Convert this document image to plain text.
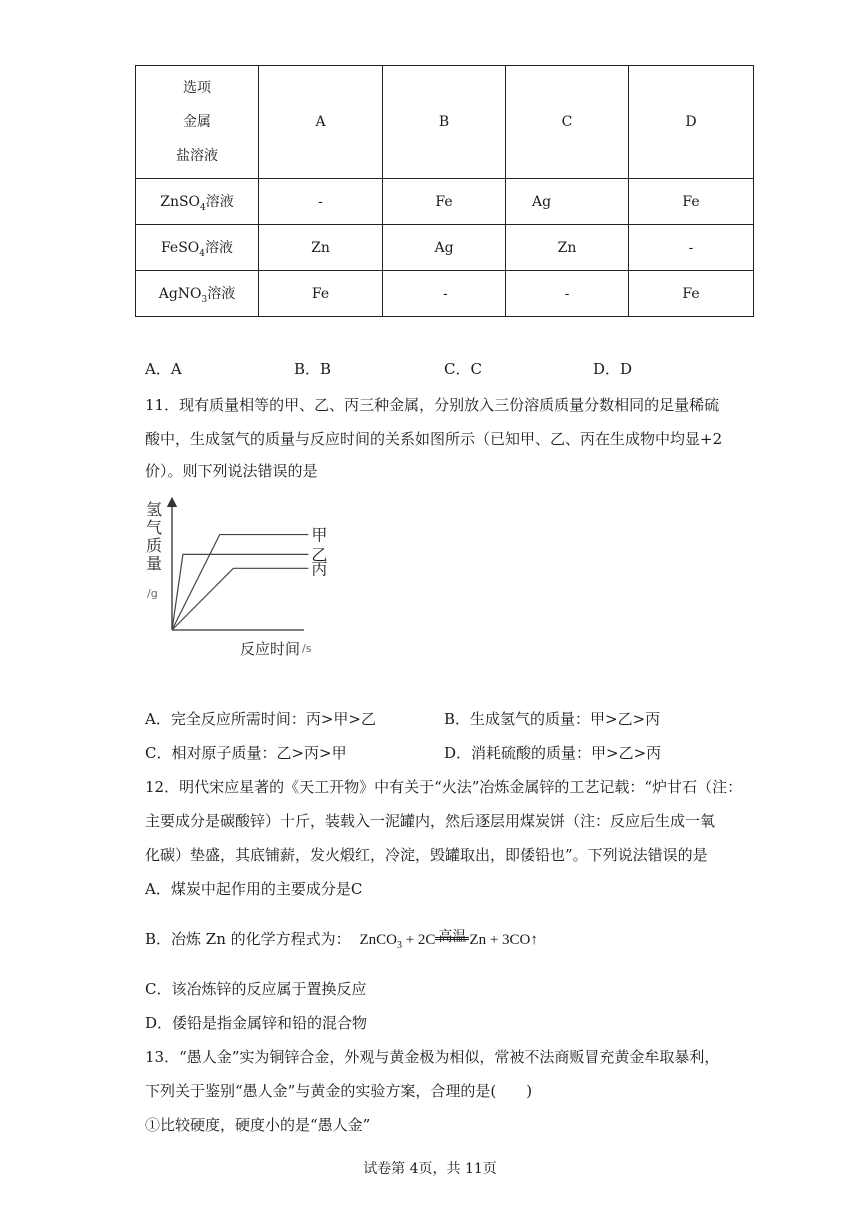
选项
金属
盐溶液	A	B	C	D
ZnSO$_4$溶液	-	Fe	Ag	Fe
FeSO$_4$溶液	Zn	Ag	Zn	-
AgNO$_3$溶液	Fe	-	-	Fe
A．A	B．B	C．C	D．D
11．现有质量相等的甲、乙、丙三种金属，分别放入三份溶质质量分数相同的足量稀硫
酸中，生成氢气的质量与反应时间的关系如图所示（已知甲、乙、丙在生成物中均显+2
价）。则下列说法错误的是
氢
气
质
量
/g
甲
乙
丙
反应时间 /s
A．完全反应所需时间：丙>甲>乙	B．生成氢气的质量：甲>乙>丙
C．相对原子质量：乙>丙>甲	D．消耗硫酸的质量：甲>乙>丙
12．明代宋应星著的《天工开物》中有关于“火法”冶炼金属锌的工艺记载：“炉甘石（注：
主要成分是碳酸锌）十斤，装载入一泥罐内，然后逐层用煤炭饼（注：反应后生成一氧
化碳）垫盛，其底铺薪，发火煅红，冷淀，毁罐取出，即倭铅也”。下列说法错误的是
A．煤炭中起作用的主要成分是C
B．冶炼 Zn 的化学方程式为： ZnCO$_3$ + 2C 高温 Zn + 3CO↑
C．该冶炼锌的反应属于置换反应
D．倭铅是指金属锌和铅的混合物
13．“愚人金”实为铜锌合金，外观与黄金极为相似，常被不法商贩冒充黄金牟取暴利，
下列关于鉴别“愚人金”与黄金的实验方案，合理的是(　　)
①比较硬度，硬度小的是“愚人金”
试卷第 4页，共 11页
